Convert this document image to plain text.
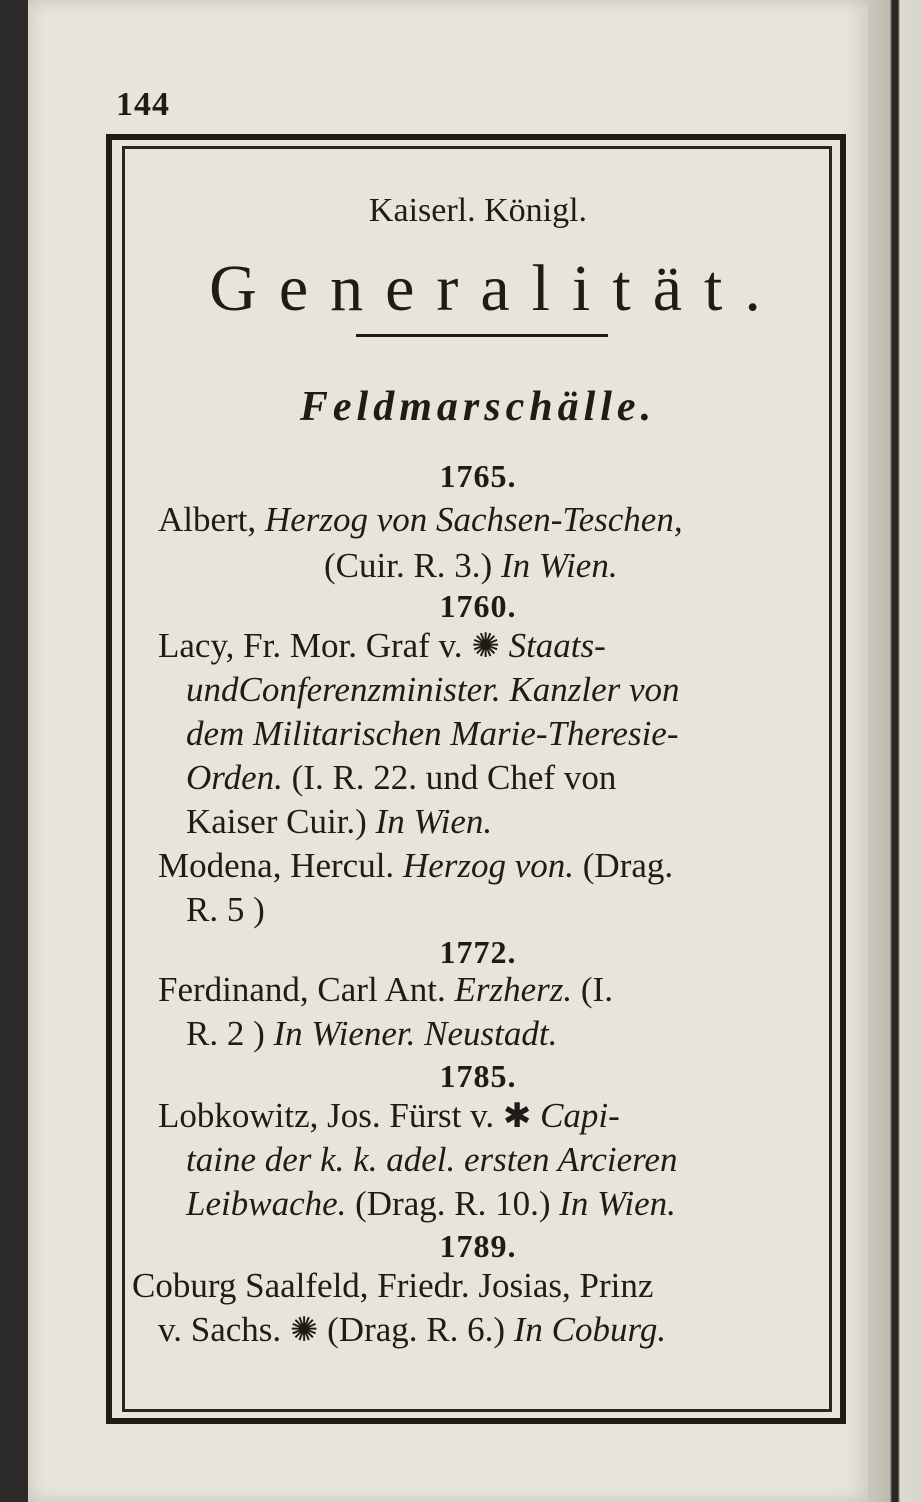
144
Kaiserl. Königl.
Generalität.
Feldmarschälle.
1765.
Albert, Herzog von Sachsen-Teschen,
(Cuir. R. 3.) In Wien.
1760.
Lacy, Fr. Mor. Graf v. ✺ Staats-
undConferenzminister. Kanzler von
dem Militarischen Marie-Theresie-
Orden. (I. R. 22. und Chef von
Kaiser Cuir.) In Wien.
Modena, Hercul. Herzog von. (Drag.
R. 5 )
1772.
Ferdinand, Carl Ant. Erzherz. (I.
R. 2 ) In Wiener. Neustadt.
1785.
Lobkowitz, Jos. Fürst v. ✱ Capi-
taine der k. k. adel. ersten Arcieren
Leibwache. (Drag. R. 10.) In Wien.
1789.
Coburg Saalfeld, Friedr. Josias, Prinz
v. Sachs. ✺ (Drag. R. 6.) In Coburg.
